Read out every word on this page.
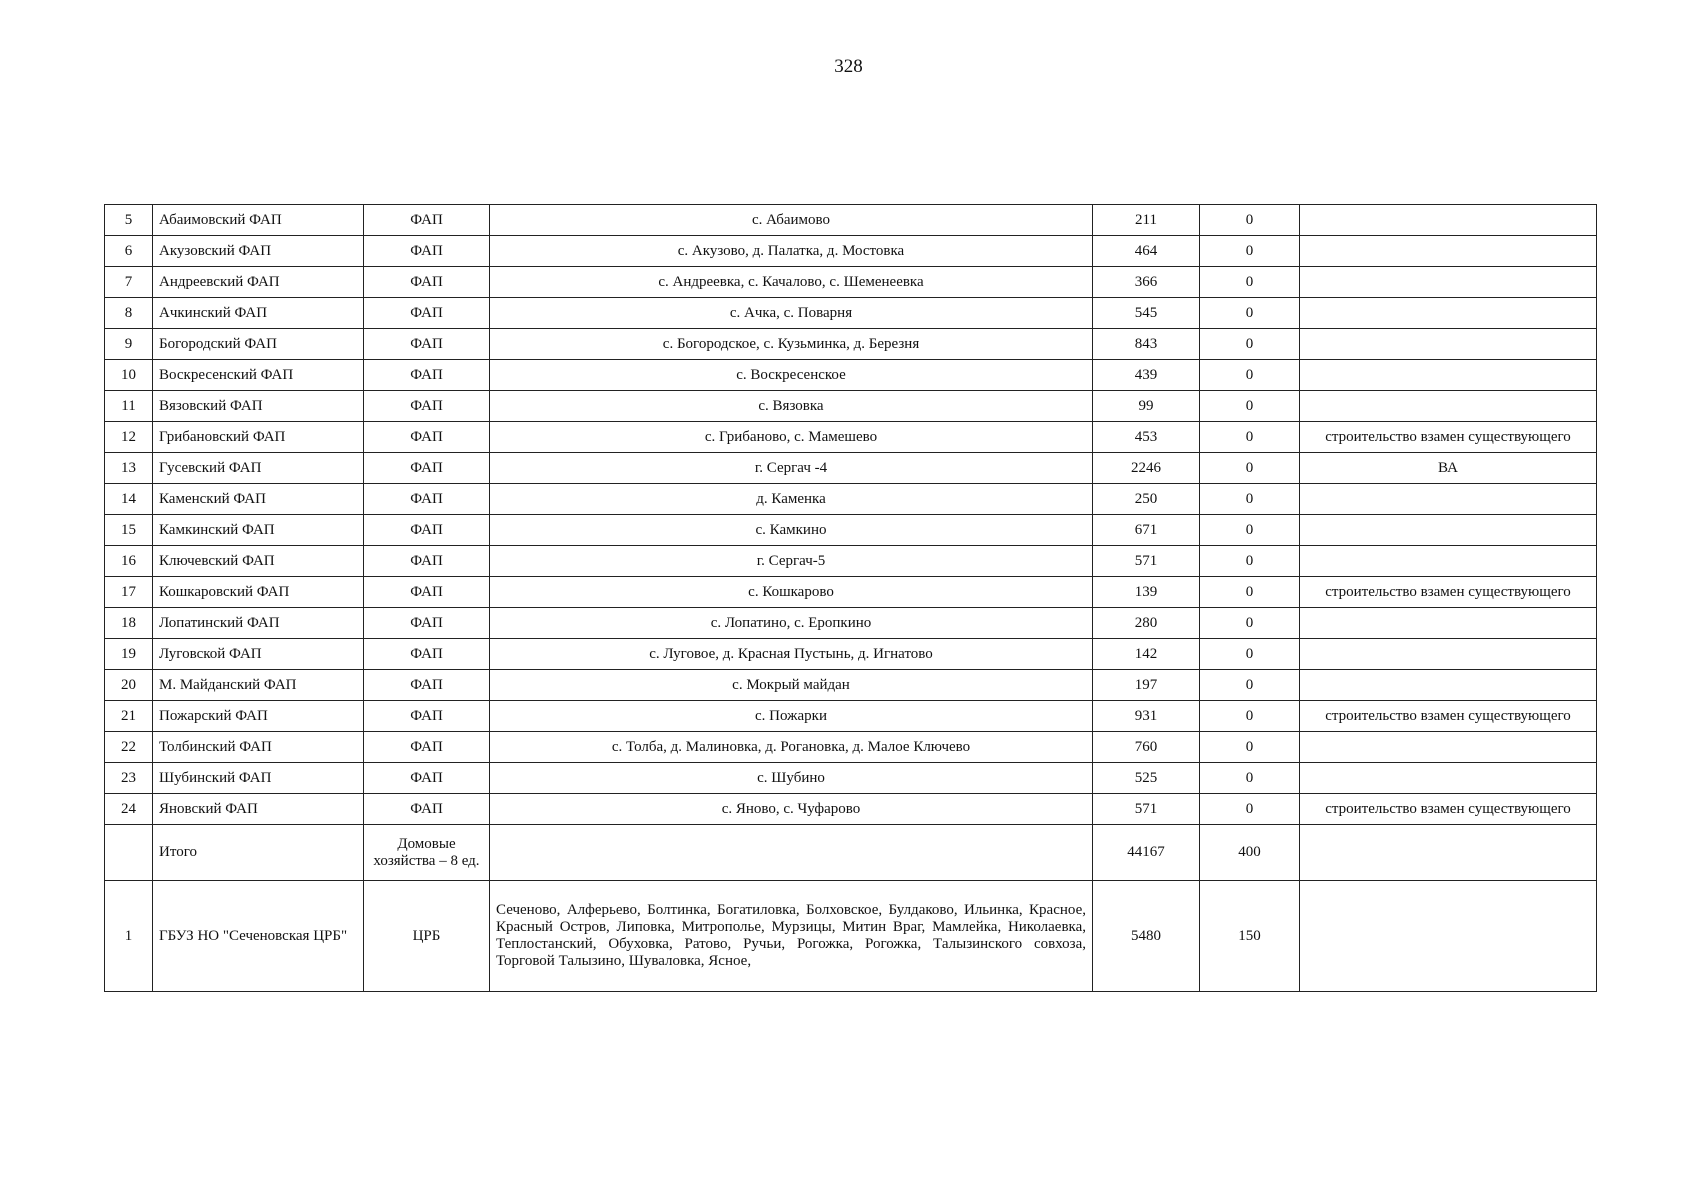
328
5	Абаимовский ФАП	ФАП	с. Абаимово	211	0	
6	Акузовский ФАП	ФАП	с. Акузово, д. Палатка, д. Мостовка	464	0	
7	Андреевский ФАП	ФАП	с. Андреевка, с. Качалово, с. Шеменеевка	366	0	
8	Ачкинский ФАП	ФАП	с. Ачка, с. Поварня	545	0	
9	Богородский ФАП	ФАП	с. Богородское, с. Кузьминка, д. Березня	843	0	
10	Воскресенский ФАП	ФАП	с. Воскресенское	439	0	
11	Вязовский ФАП	ФАП	с. Вязовка	99	0	
12	Грибановский ФАП	ФАП	с. Грибаново, с. Мамешево	453	0	строительство взамен существующего
13	Гусевский ФАП	ФАП	г. Сергач -4	2246	0	ВА
14	Каменский ФАП	ФАП	д. Каменка	250	0	
15	Камкинский ФАП	ФАП	с. Камкино	671	0	
16	Ключевский ФАП	ФАП	г. Сергач-5	571	0	
17	Кошкаровский ФАП	ФАП	с. Кошкарово	139	0	строительство взамен существующего
18	Лопатинский ФАП	ФАП	с. Лопатино, с. Еропкино	280	0	
19	Луговской ФАП	ФАП	с. Луговое, д. Красная Пустынь, д. Игнатово	142	0	
20	М. Майданский ФАП	ФАП	с. Мокрый майдан	197	0	
21	Пожарский ФАП	ФАП	с. Пожарки	931	0	строительство взамен существующего
22	Толбинский ФАП	ФАП	с. Толба, д. Малиновка, д. Рогановка, д. Малое Ключево	760	0	
23	Шубинский ФАП	ФАП	с. Шубино	525	0	
24	Яновский ФАП	ФАП	с. Яново, с. Чуфарово	571	0	строительство взамен существующего
	Итого	Домовые хозяйства – 8 ед.		44167	400	
1	ГБУЗ НО "Сеченовская ЦРБ"	ЦРБ	Сеченово, Алферьево, Болтинка, Богатиловка, Болховское, Булдаково, Ильинка, Красное, Красный Остров, Липовка, Митрополье, Мурзицы, Митин Враг, Мамлейка, Николаевка, Теплостанский, Обуховка, Ратово, Ручьи, Рогожка, Рогожка, Талызинского совхоза, Торговой Талызино, Шуваловка, Ясное,	5480	150	
